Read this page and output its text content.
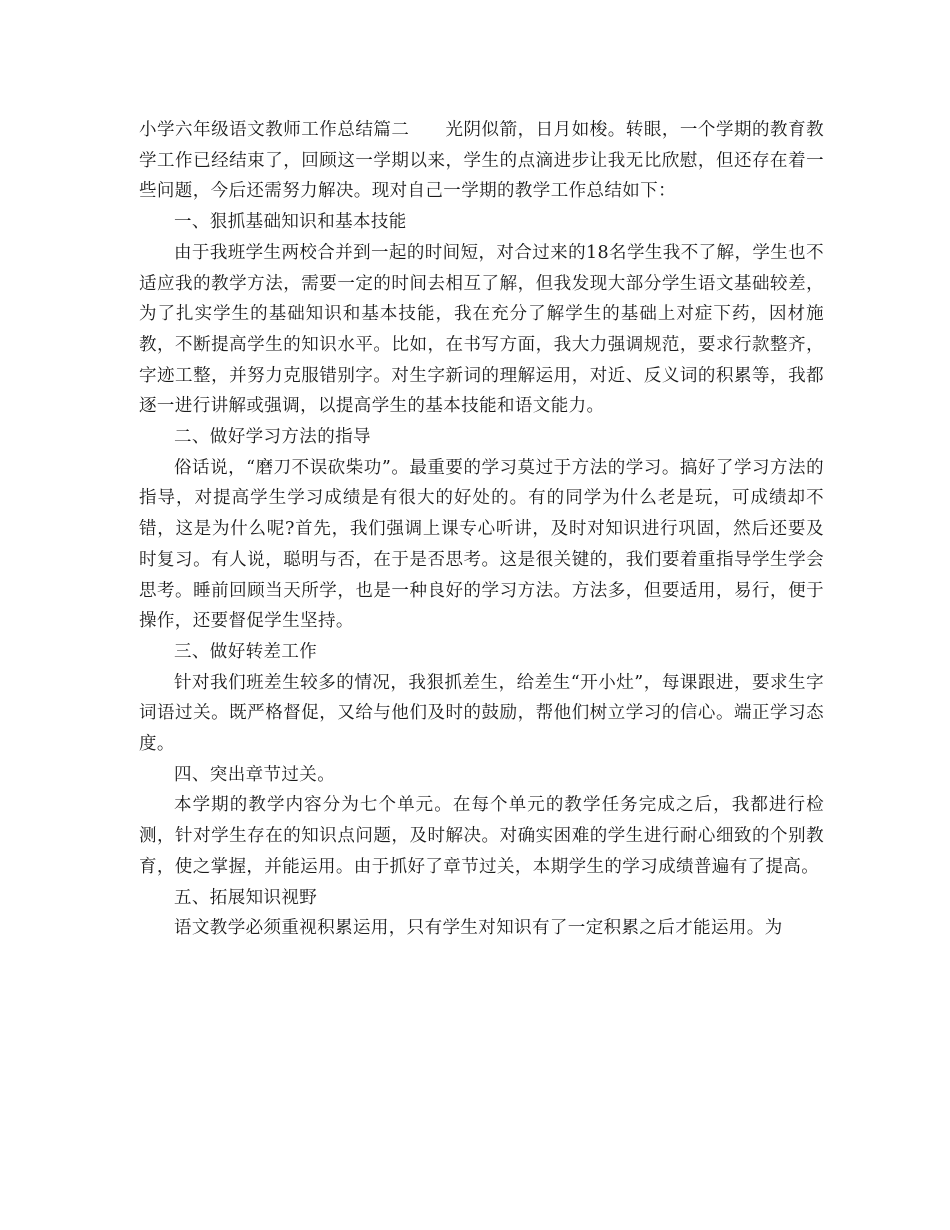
小学六年级语文教师工作总结篇二　　光阴似箭，日月如梭。转眼，一个学期的教育教学工作已经结束了，回顾这一学期以来，学生的点滴进步让我无比欣慰，但还存在着一些问题，今后还需努力解决。现对自己一学期的教学工作总结如下：

一、狠抓基础知识和基本技能

由于我班学生两校合并到一起的时间短，对合过来的18名学生我不了解，学生也不适应我的教学方法，需要一定的时间去相互了解，但我发现大部分学生语文基础较差，为了扎实学生的基础知识和基本技能，我在充分了解学生的基础上对症下药，因材施教，不断提高学生的知识水平。比如，在书写方面，我大力强调规范，要求行款整齐，字迹工整，并努力克服错别字。对生字新词的理解运用，对近、反义词的积累等，我都逐一进行讲解或强调，以提高学生的基本技能和语文能力。

二、做好学习方法的指导

俗话说，“磨刀不误砍柴功”。最重要的学习莫过于方法的学习。搞好了学习方法的指导，对提高学生学习成绩是有很大的好处的。有的同学为什么老是玩，可成绩却不错，这是为什么呢?首先，我们强调上课专心听讲，及时对知识进行巩固，然后还要及时复习。有人说，聪明与否，在于是否思考。这是很关键的，我们要着重指导学生学会思考。睡前回顾当天所学，也是一种良好的学习方法。方法多，但要适用，易行，便于操作，还要督促学生坚持。

三、做好转差工作

针对我们班差生较多的情况，我狠抓差生，给差生“开小灶”，每课跟进，要求生字词语过关。既严格督促，又给与他们及时的鼓励，帮他们树立学习的信心。端正学习态度。

四、突出章节过关。

本学期的教学内容分为七个单元。在每个单元的教学任务完成之后，我都进行检测，针对学生存在的知识点问题，及时解决。对确实困难的学生进行耐心细致的个别教育，使之掌握，并能运用。由于抓好了章节过关，本期学生的学习成绩普遍有了提高。

五、拓展知识视野

语文教学必须重视积累运用，只有学生对知识有了一定积累之后才能运用。为
